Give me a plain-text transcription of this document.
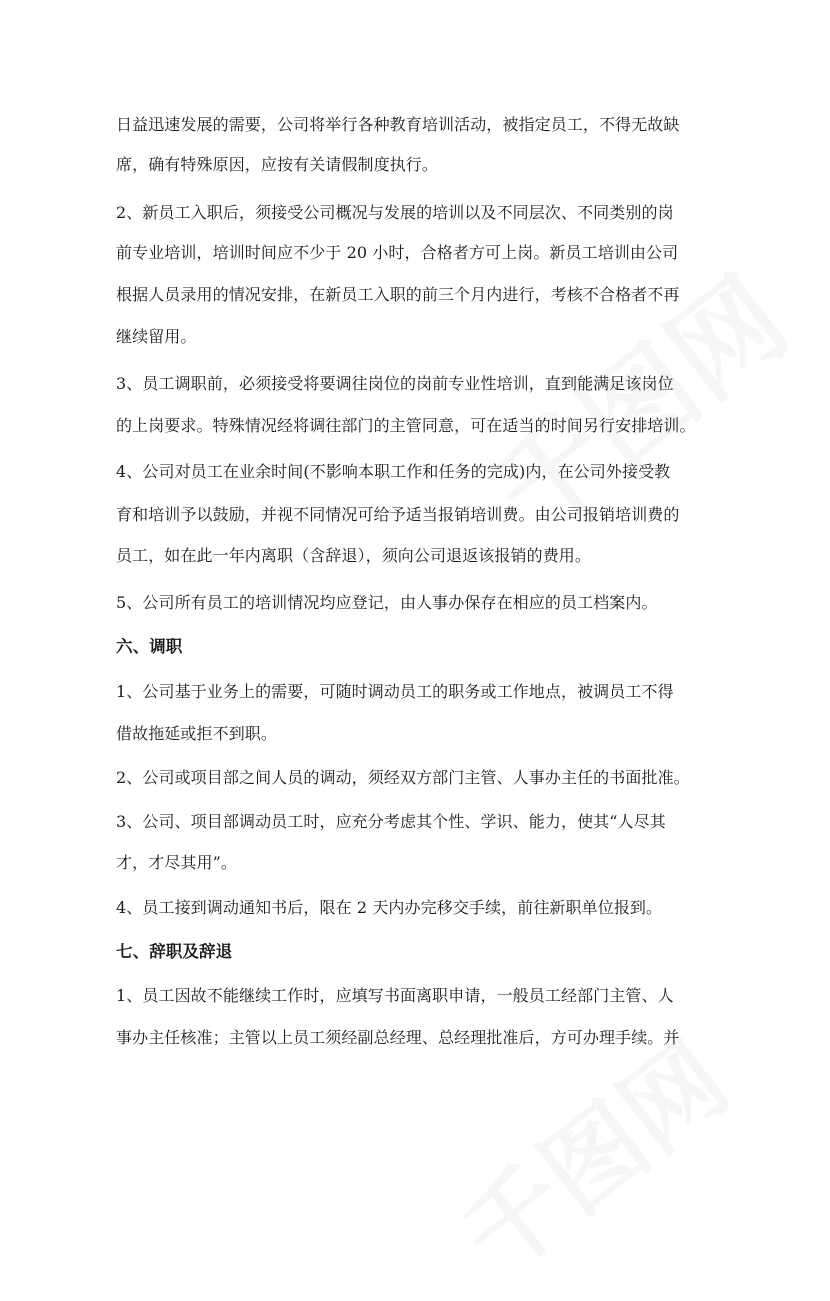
日益迅速发展的需要，公司将举行各种教育培训活动，被指定员工，不得无故缺
席，确有特殊原因，应按有关请假制度执行。
2、新员工入职后，须接受公司概况与发展的培训以及不同层次、不同类别的岗
前专业培训，培训时间应不少于 20 小时，合格者方可上岗。新员工培训由公司
根据人员录用的情况安排，在新员工入职的前三个月内进行，考核不合格者不再
继续留用。
3、员工调职前，必须接受将要调往岗位的岗前专业性培训，直到能满足该岗位
的上岗要求。特殊情况经将调往部门的主管同意，可在适当的时间另行安排培训。
4、公司对员工在业余时间(不影响本职工作和任务的完成)内，在公司外接受教
育和培训予以鼓励，并视不同情况可给予适当报销培训费。由公司报销培训费的
员工，如在此一年内离职（含辞退），须向公司退返该报销的费用。
5、公司所有员工的培训情况均应登记，由人事办保存在相应的员工档案内。
六、调职
1、公司基于业务上的需要，可随时调动员工的职务或工作地点，被调员工不得
借故拖延或拒不到职。
2、公司或项目部之间人员的调动，须经双方部门主管、人事办主任的书面批准。
3、公司、项目部调动员工时，应充分考虑其个性、学识、能力，使其“人尽其
才，才尽其用”。
4、员工接到调动通知书后，限在 2 天内办完移交手续，前往新职单位报到。
七、辞职及辞退
1、员工因故不能继续工作时，应填写书面离职申请，一般员工经部门主管、人
事办主任核准；主管以上员工须经副总经理、总经理批准后，方可办理手续。并
